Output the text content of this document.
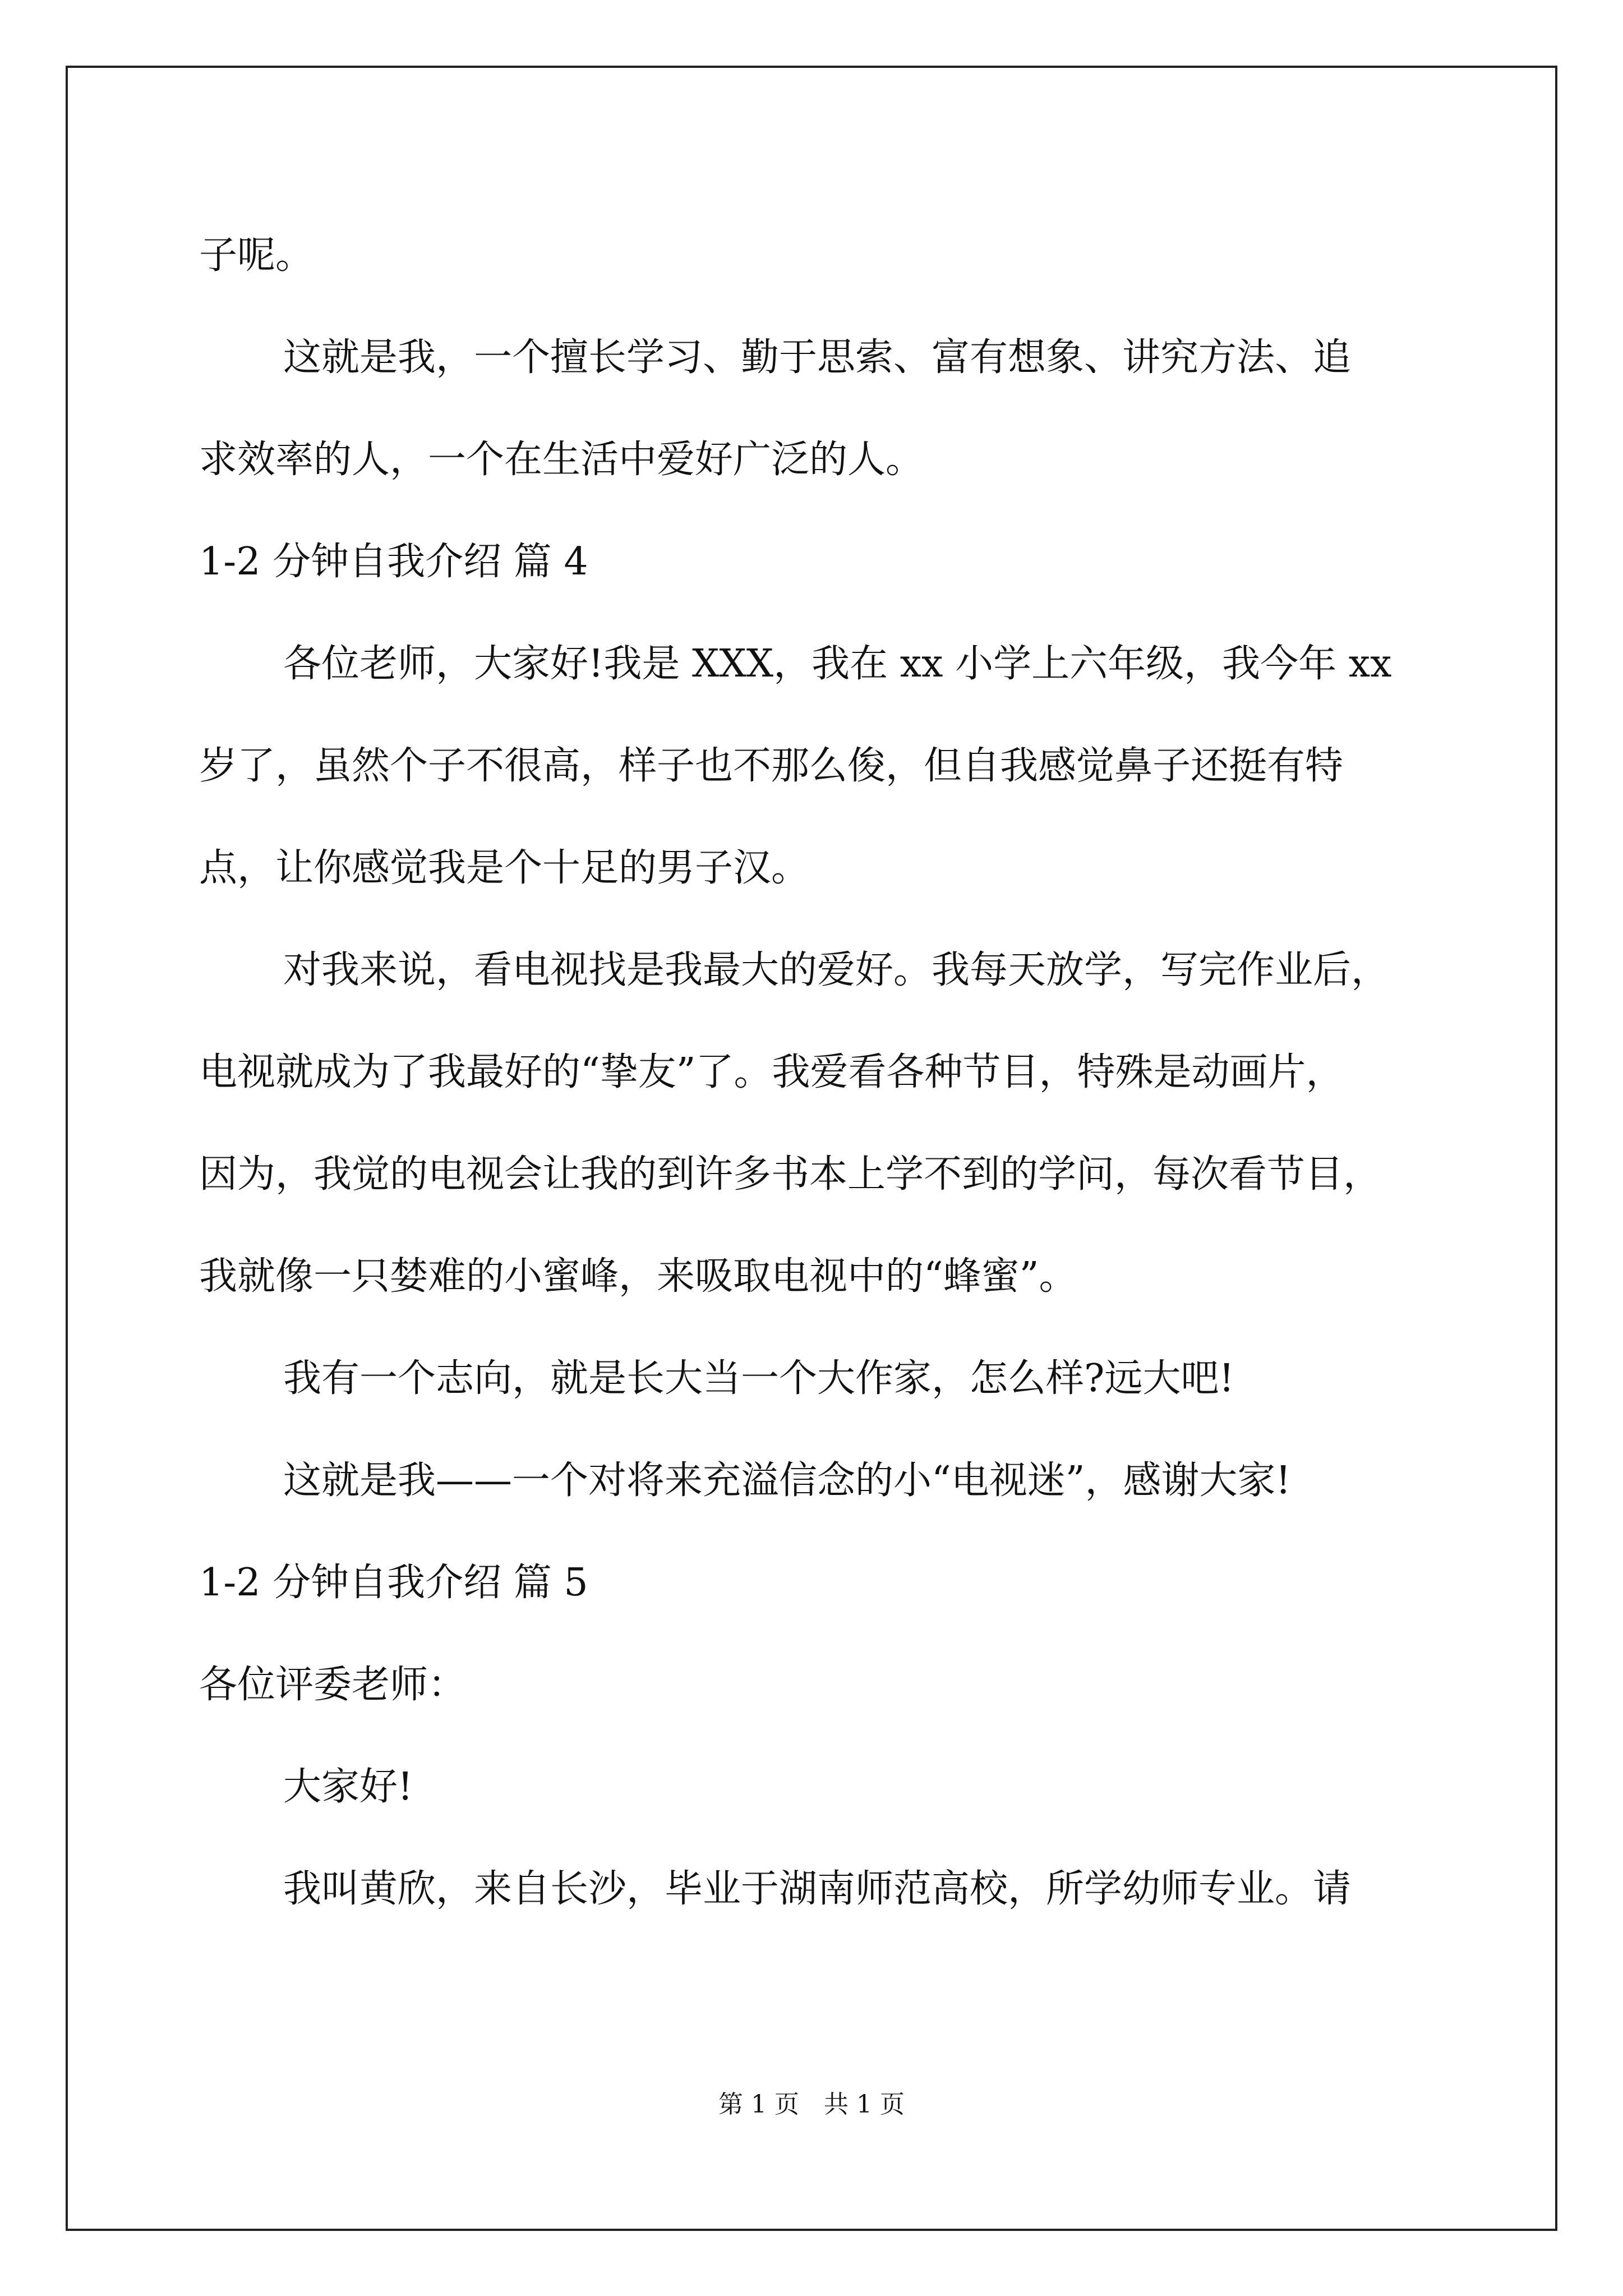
子呢。
这就是我，一个擅长学习、勤于思索、富有想象、讲究方法、追
求效率的人，一个在生活中爱好广泛的人。
1-2 分钟自我介绍 篇 4
各位老师，大家好!我是 XXX，我在 xx 小学上六年级，我今年 xx
岁了，虽然个子不很高，样子也不那么俊，但自我感觉鼻子还挺有特
点，让你感觉我是个十足的男子汉。
对我来说，看电视找是我最大的爱好。我每天放学，写完作业后，
电视就成为了我最好的“挚友”了。我爱看各种节目，特殊是动画片，
因为，我觉的电视会让我的到许多书本上学不到的学问，每次看节目，
我就像一只婪难的小蜜峰，来吸取电视中的“蜂蜜”。
我有一个志向，就是长大当一个大作家，怎么样?远大吧!
这就是我——一个对将来充溢信念的小“电视迷”，感谢大家!
1-2 分钟自我介绍 篇 5
各位评委老师：
大家好!
我叫黄欣，来自长沙，毕业于湖南师范高校，所学幼师专业。请
第 1 页　共 1 页
